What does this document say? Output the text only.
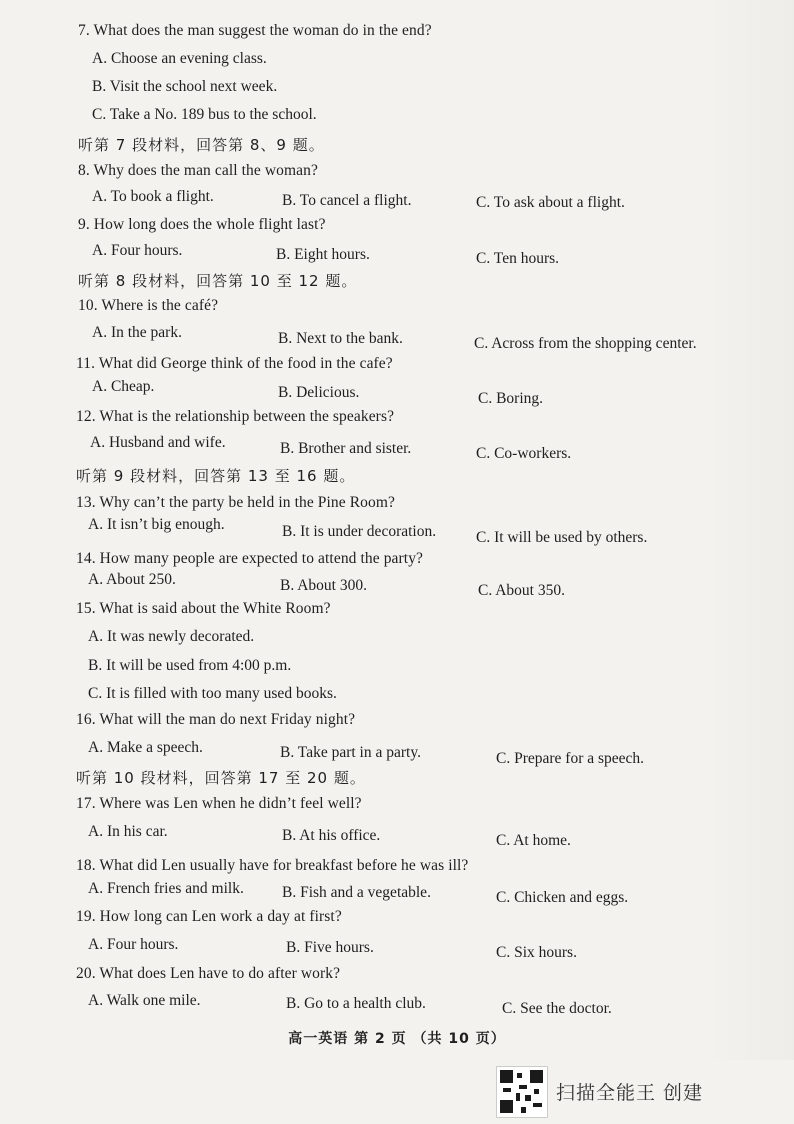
7. What does the man suggest the woman do in the end?
A. Choose an evening class.
B. Visit the school next week.
C. Take a No. 189 bus to the school.
听第 7 段材料，回答第 8、9 题。
8. Why does the man call the woman?
A. To book a flight.	B. To cancel a flight.	C. To ask about a flight.
9. How long does the whole flight last?
A. Four hours.	B. Eight hours.	C. Ten hours.
听第 8 段材料，回答第 10 至 12 题。
10. Where is the café?
A. In the park.	B. Next to the bank.	C. Across from the shopping center.
11. What did George think of the food in the cafe?
A. Cheap.	B. Delicious.	C. Boring.
12. What is the relationship between the speakers?
A. Husband and wife.	B. Brother and sister.	C. Co-workers.
听第 9 段材料，回答第 13 至 16 题。
13. Why can’t the party be held in the Pine Room?
A. It isn’t big enough.	B. It is under decoration.	C. It will be used by others.
14. How many people are expected to attend the party?
A. About 250.	B. About 300.	C. About 350.
15. What is said about the White Room?
A. It was newly decorated.
B. It will be used from 4:00 p.m.
C. It is filled with too many used books.
16. What will the man do next Friday night?
A. Make a speech.	B. Take part in a party.	C. Prepare for a speech.
听第 10 段材料，回答第 17 至 20 题。
17. Where was Len when he didn’t feel well?
A. In his car.	B. At his office.	C. At home.
18. What did Len usually have for breakfast before he was ill?
A. French fries and milk. B. Fish and a vegetable.	C. Chicken and eggs.
19. How long can Len work a day at first?
A. Four hours.	B. Five hours.	C. Six hours.
20. What does Len have to do after work?
A. Walk one mile.	B. Go to a health club.	C. See the doctor.
高一英语 第 2 页 （共 10 页）
扫描全能王 创建
